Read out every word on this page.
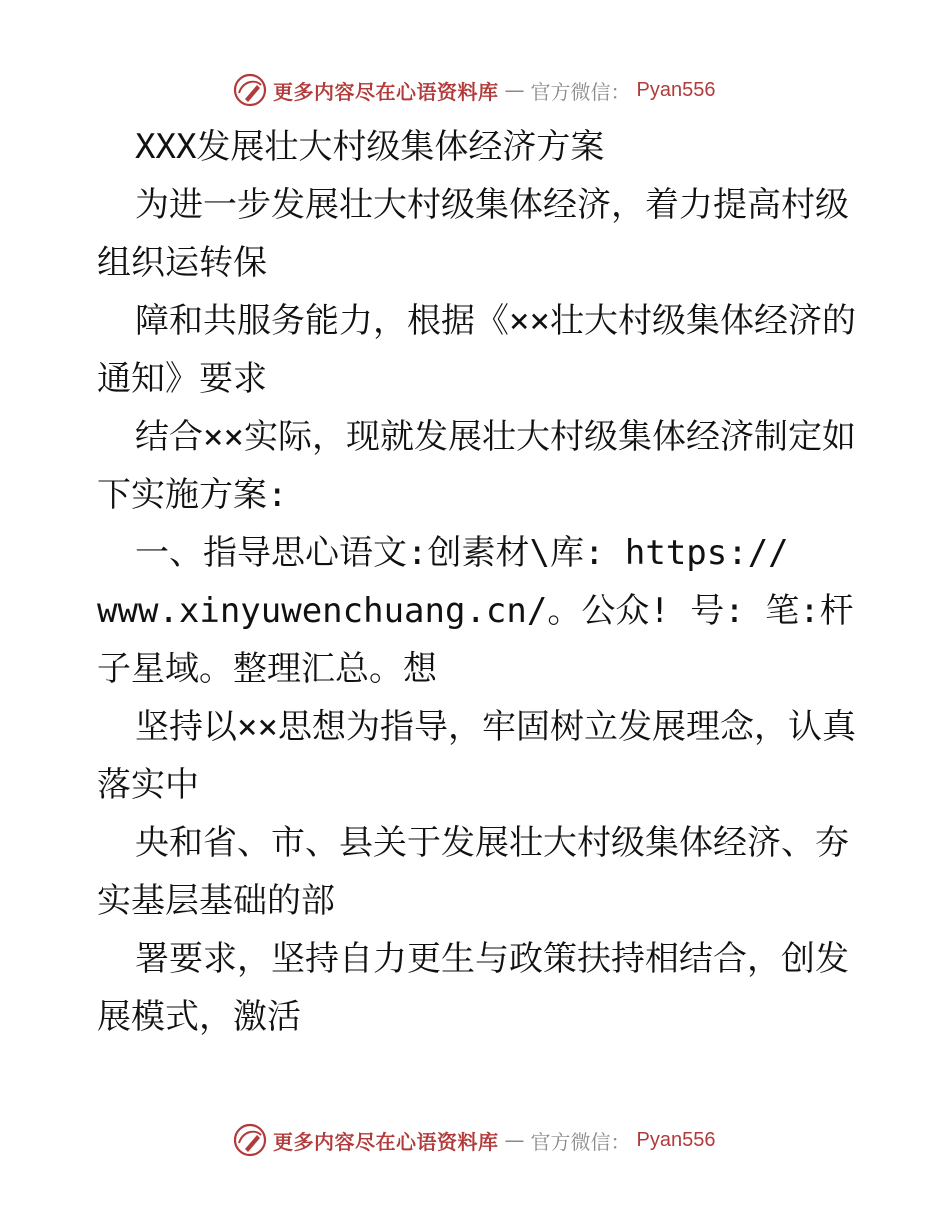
更多内容尽在心语资料库 — 官方微信： Pyan556

XXX发展壮大村级集体经济方案

为进一步发展壮大村级集体经济，着力提高村级组织运转保

障和共服务能力，根据《××壮大村级集体经济的通知》要求

结合××实际，现就发展壮大村级集体经济制定如下实施方案:

一、指导思心语文:创素材\库: https://

www.xinyuwenchuang.cn/。公众! 号: 笔:杆子星域。整理汇总。想

坚持以××思想为指导，牢固树立发展理念，认真落实中

央和省、市、县关于发展壮大村级集体经济、夯实基层基础的部

署要求，坚持自力更生与政策扶持相结合，创发展模式，激活

更多内容尽在心语资料库 — 官方微信： Pyan556
